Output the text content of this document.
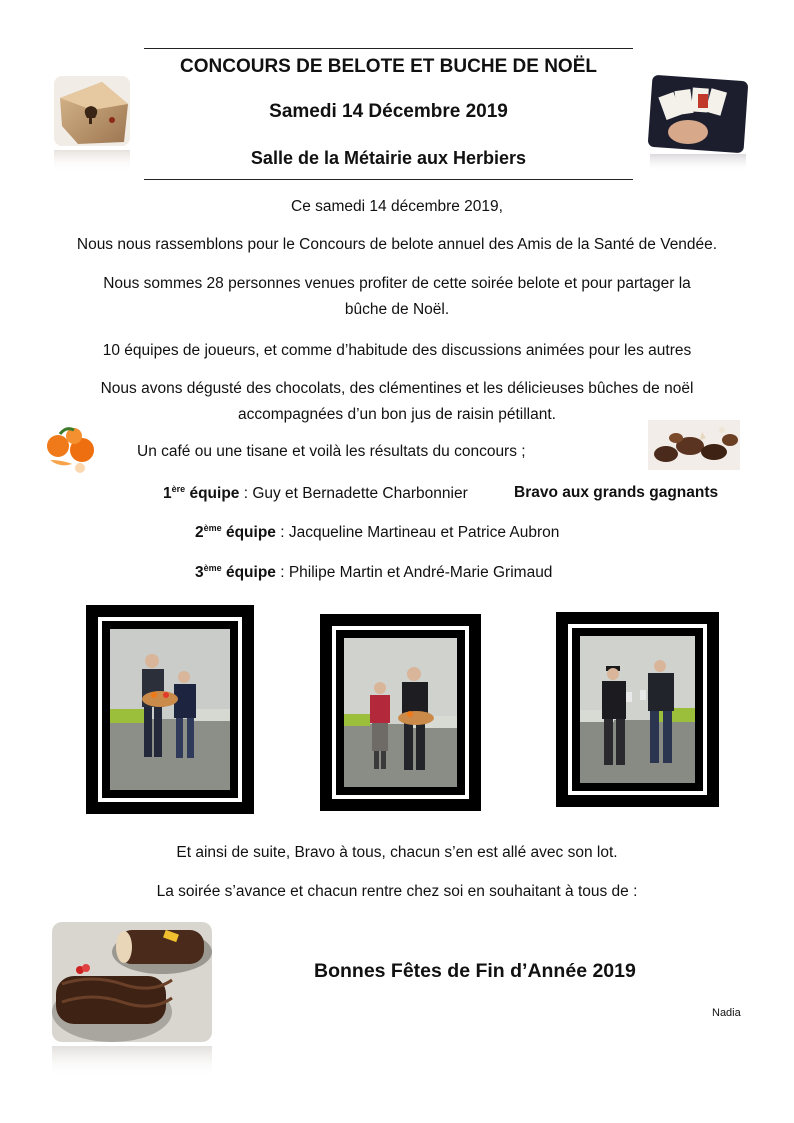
CONCOURS DE BELOTE ET BUCHE DE NOËL
Samedi 14 Décembre 2019
Salle de la Métairie aux Herbiers
Ce samedi 14 décembre 2019,
Nous nous rassemblons pour le Concours de belote annuel des Amis de la Santé de Vendée.
Nous sommes 28 personnes venues profiter de cette soirée belote et pour partager la
bûche de Noël.
10 équipes de joueurs, et comme d’habitude des discussions animées pour les autres
Nous avons dégusté des chocolats, des clémentines et les délicieuses bûches de noël
accompagnées d’un bon jus de raisin pétillant.
Un café ou une tisane et voilà les résultats du concours ;
1ère équipe : Guy et Bernadette Charbonnier	Bravo aux grands gagnants
2ème équipe : Jacqueline Martineau et Patrice Aubron
3ème équipe : Philipe Martin et André-Marie Grimaud
Et ainsi de suite, Bravo à tous, chacun s’en est allé avec son lot.
La soirée s’avance et chacun rentre chez soi en souhaitant à tous de :
Bonnes Fêtes de Fin d’Année 2019
Nadia
